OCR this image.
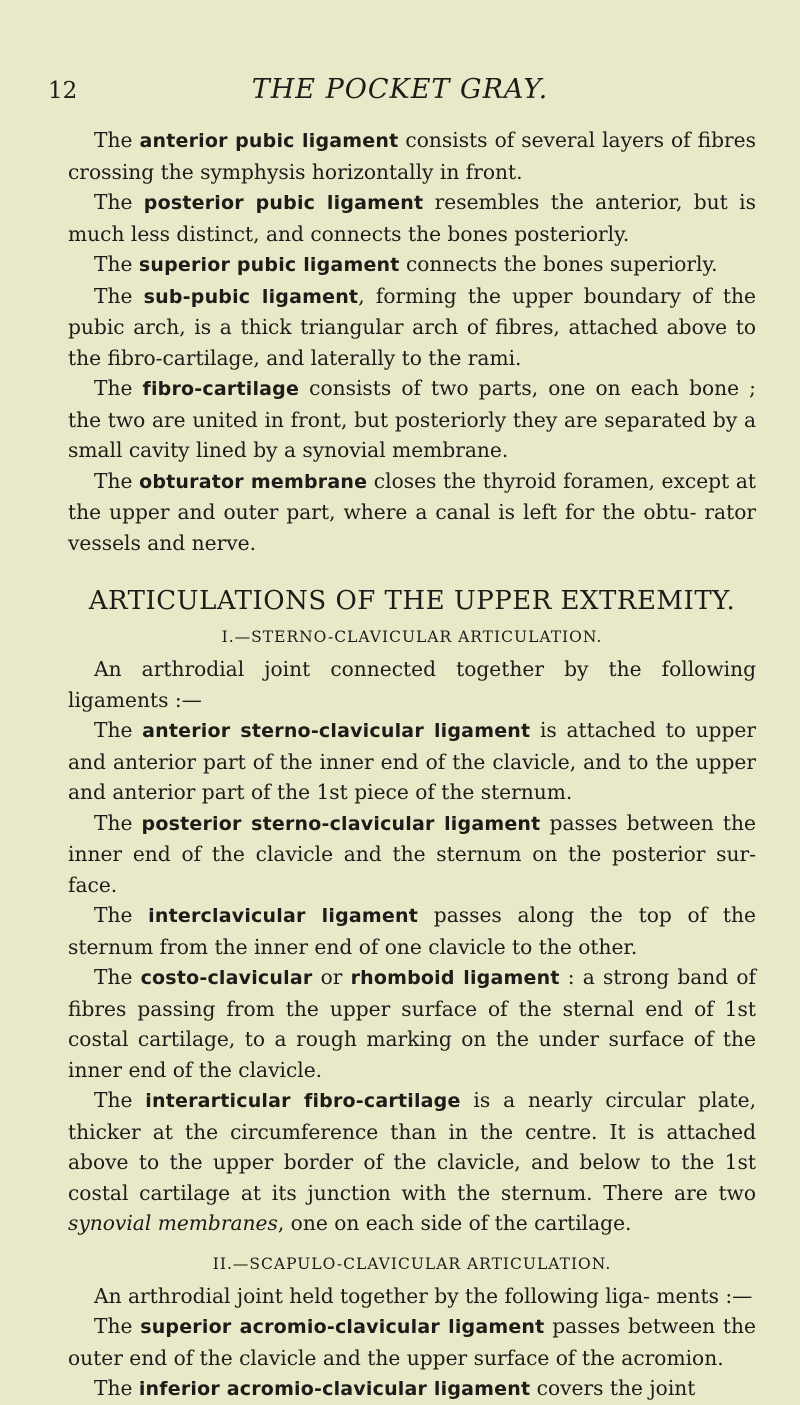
12	THE POCKET GRAY.

The anterior pubic ligament consists of several layers of fibres crossing the symphysis horizontally in front.

The posterior pubic ligament resembles the anterior, but is much less distinct, and connects the bones posteriorly.

The superior pubic ligament connects the bones superiorly.

The sub-pubic ligament, forming the upper boundary of the pubic arch, is a thick triangular arch of fibres, attached above to the fibro-cartilage, and laterally to the rami.

The fibro-cartilage consists of two parts, one on each bone ; the two are united in front, but posteriorly they are separated by a small cavity lined by a synovial membrane.

The obturator membrane closes the thyroid foramen, except at the upper and outer part, where a canal is left for the obtu- rator vessels and nerve.

ARTICULATIONS OF THE UPPER EXTREMITY.
I.—STERNO-CLAVICULAR ARTICULATION.

An arthrodial joint connected together by the following ligaments :—

The anterior sterno-clavicular ligament is attached to upper and anterior part of the inner end of the clavicle, and to the upper and anterior part of the 1st piece of the sternum.

The posterior sterno-clavicular ligament passes between the inner end of the clavicle and the sternum on the posterior sur- face.

The interclavicular ligament passes along the top of the sternum from the inner end of one clavicle to the other.

The costo-clavicular or rhomboid ligament : a strong band of fibres passing from the upper surface of the sternal end of 1st costal cartilage, to a rough marking on the under surface of the inner end of the clavicle.

The interarticular fibro-cartilage is a nearly circular plate, thicker at the circumference than in the centre. It is attached above to the upper border of the clavicle, and below to the 1st costal cartilage at its junction with the sternum. There are two synovial membranes, one on each side of the cartilage.

II.—SCAPULO-CLAVICULAR ARTICULATION.

An arthrodial joint held together by the following liga- ments :—

The superior acromio-clavicular ligament passes between the outer end of the clavicle and the upper surface of the acromion.

The inferior acromio-clavicular ligament covers the joint
